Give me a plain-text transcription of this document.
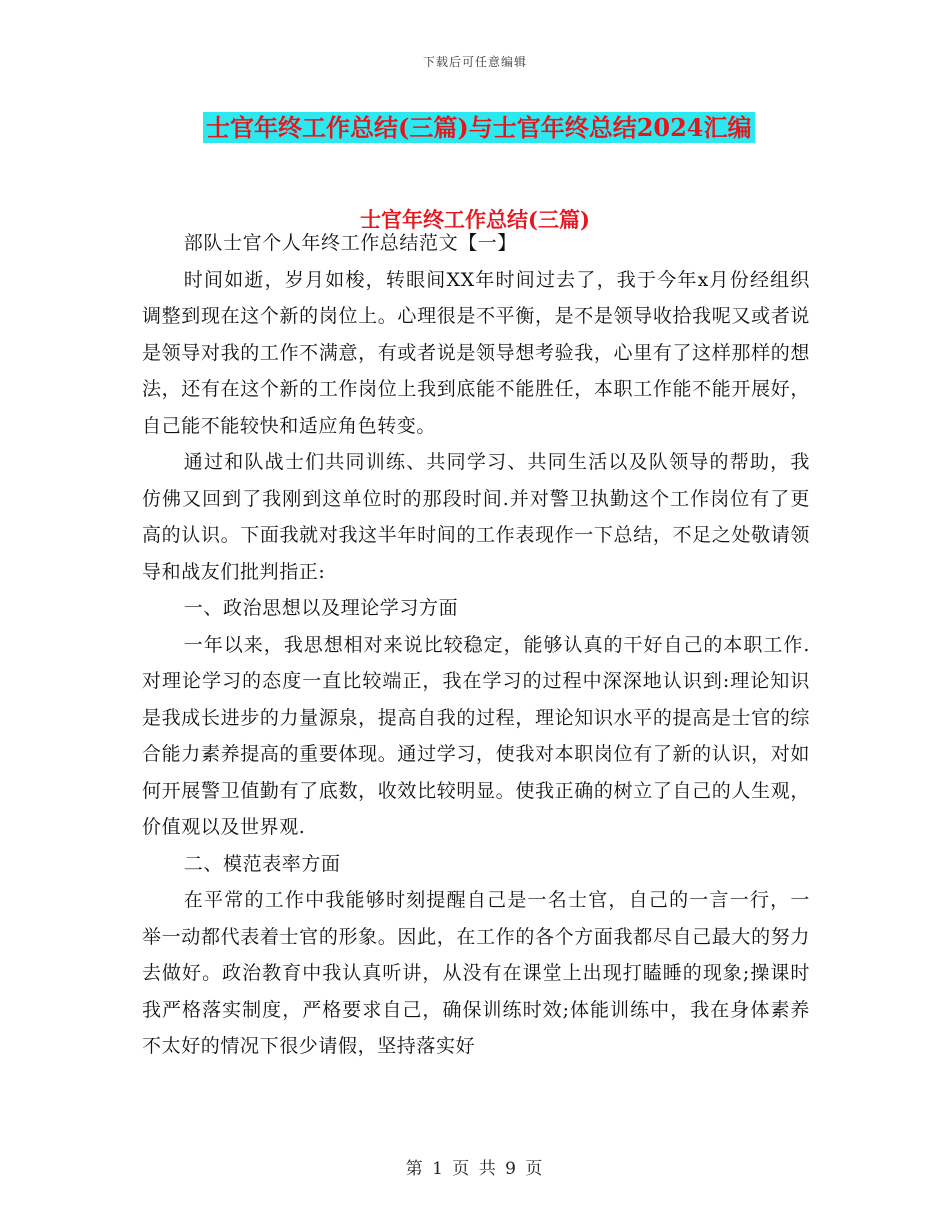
下载后可任意编辑
士官年终工作总结(三篇)与士官年终总结2024汇编
士官年终工作总结(三篇)

部队士官个人年终工作总结范文【一】

时间如逝，岁月如梭，转眼间XX年时间过去了，我于今年x月份经组织调整到现在这个新的岗位上。心理很是不平衡，是不是领导收拾我呢又或者说是领导对我的工作不满意，有或者说是领导想考验我，心里有了这样那样的想法，还有在这个新的工作岗位上我到底能不能胜任，本职工作能不能开展好，自己能不能较快和适应角色转变。

通过和队战士们共同训练、共同学习、共同生活以及队领导的帮助，我仿佛又回到了我刚到这单位时的那段时间.并对警卫执勤这个工作岗位有了更高的认识。下面我就对我这半年时间的工作表现作一下总结，不足之处敬请领导和战友们批判指正:

一、政治思想以及理论学习方面

一年以来，我思想相对来说比较稳定，能够认真的干好自己的本职工作.对理论学习的态度一直比较端正，我在学习的过程中深深地认识到:理论知识是我成长进步的力量源泉，提高自我的过程，理论知识水平的提高是士官的综合能力素养提高的重要体现。通过学习，使我对本职岗位有了新的认识，对如何开展警卫值勤有了底数，收效比较明显。使我正确的树立了自己的人生观，价值观以及世界观.

二、模范表率方面

在平常的工作中我能够时刻提醒自己是一名士官，自己的一言一行，一举一动都代表着士官的形象。因此，在工作的各个方面我都尽自己最大的努力去做好。政治教育中我认真听讲，从没有在课堂上出现打瞌睡的现象;操课时我严格落实制度，严格要求自己，确保训练时效;体能训练中，我在身体素养不太好的情况下很少请假，坚持落实好

第 1 页 共 9 页
